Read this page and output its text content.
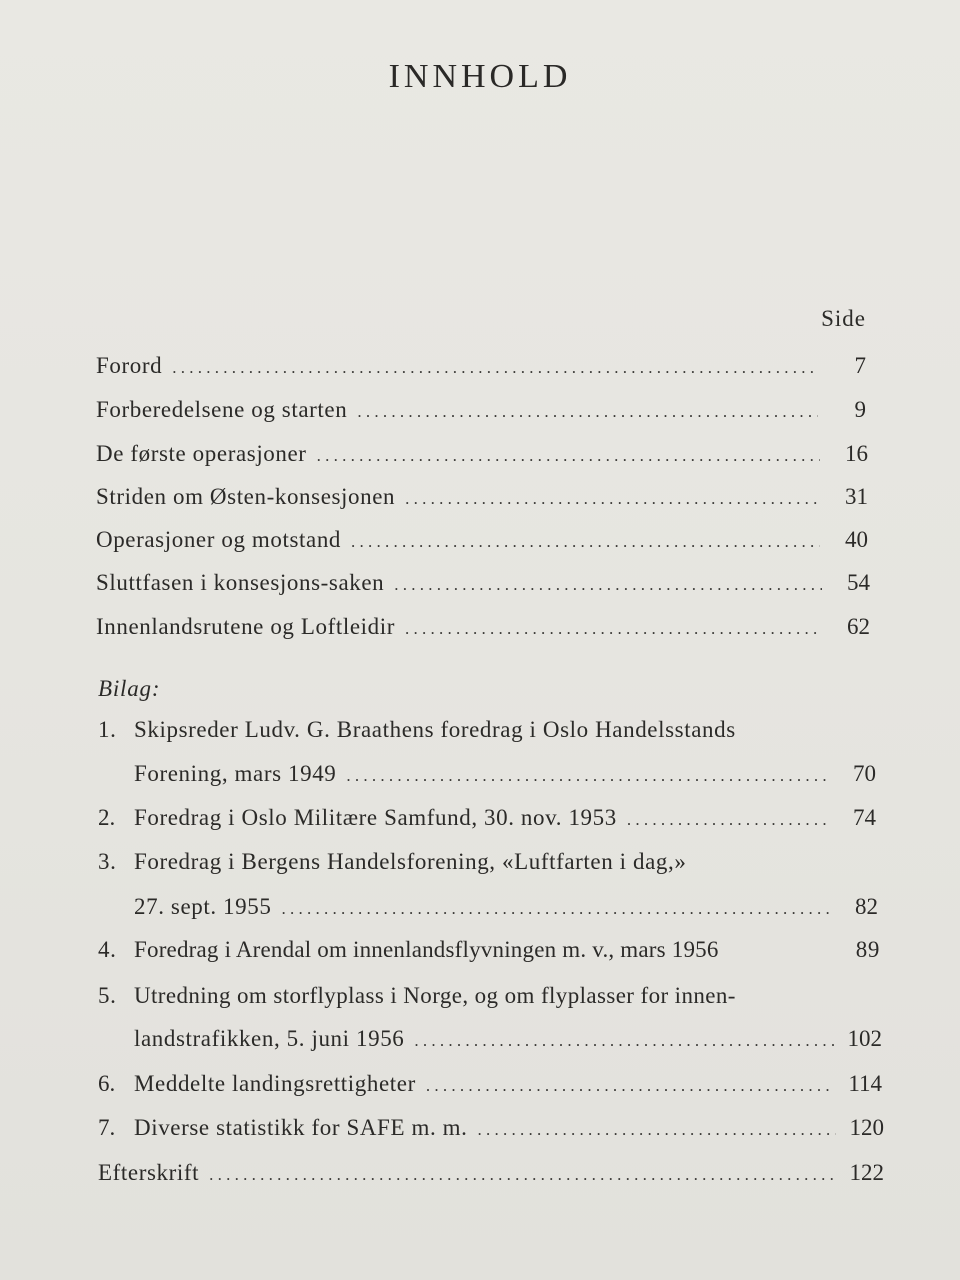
INNHOLD
Side
Forord . . .	7
Forberedelsene og starten . . .	9
De første operasjoner . . .	16
Striden om Østen-konsesjonen . . .	31
Operasjoner og motstand . . .	40
Sluttfasen i konsesjons-saken . . .	54
Innenlandsrutene og Loftleidir . . .	62
Bilag:
1. Skipsreder Ludv. G. Braathens foredrag i Oslo Handelsstands
Forening, mars 1949 . . .	70
2. Foredrag i Oslo Militære Samfund, 30. nov. 1953 . . .	74
3. Foredrag i Bergens Handelsforening, «Luftfarten i dag,»
27. sept. 1955 . . .	82
4. Foredrag i Arendal om innenlandsflyvningen m. v., mars 1956	89
5. Utredning om storflyplass i Norge, og om flyplasser for innen-
landstrafikken, 5. juni 1956 . . .	102
6. Meddelte landingsrettigheter . . .	114
7. Diverse statistikk for SAFE m. m. . . .	120
Efterskrift . . .	122
